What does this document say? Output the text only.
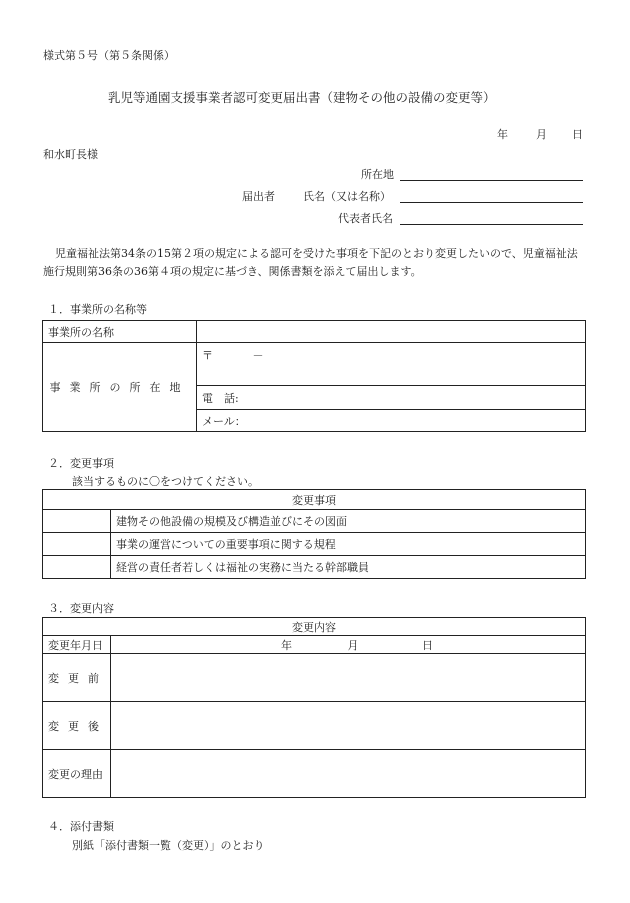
様式第５号（第５条関係）
乳児等通園支援事業者認可変更届出書（建物その他の設備の変更等）
年	月 日
和水町長様
所在地
届出者	氏名（又は名称）
代表者氏名
児童福祉法第34条の15第２項の規定による認可を受けた事項を下記のとおり変更したいので、児童福祉法施行規則第36条の36第４項の規定に基づき、関係書類を添えて届出します。
１．事業所の名称等
事業所の名称	
事業所の所在地	〒 －
	電　話:
	メール：
２．変更事項
該当するものに〇をつけてください。
変更事項	
	建物その他設備の規模及び構造並びにその図面
	事業の運営についての重要事項に関する規程
	経営の責任者若しくは福祉の実務に当たる幹部職員
３．変更内容
変更内容	
変更年月日	年 月 日
変更前	
変更後	
変更の理由	
４．添付書類
別紙「添付書類一覧（変更）」のとおり
